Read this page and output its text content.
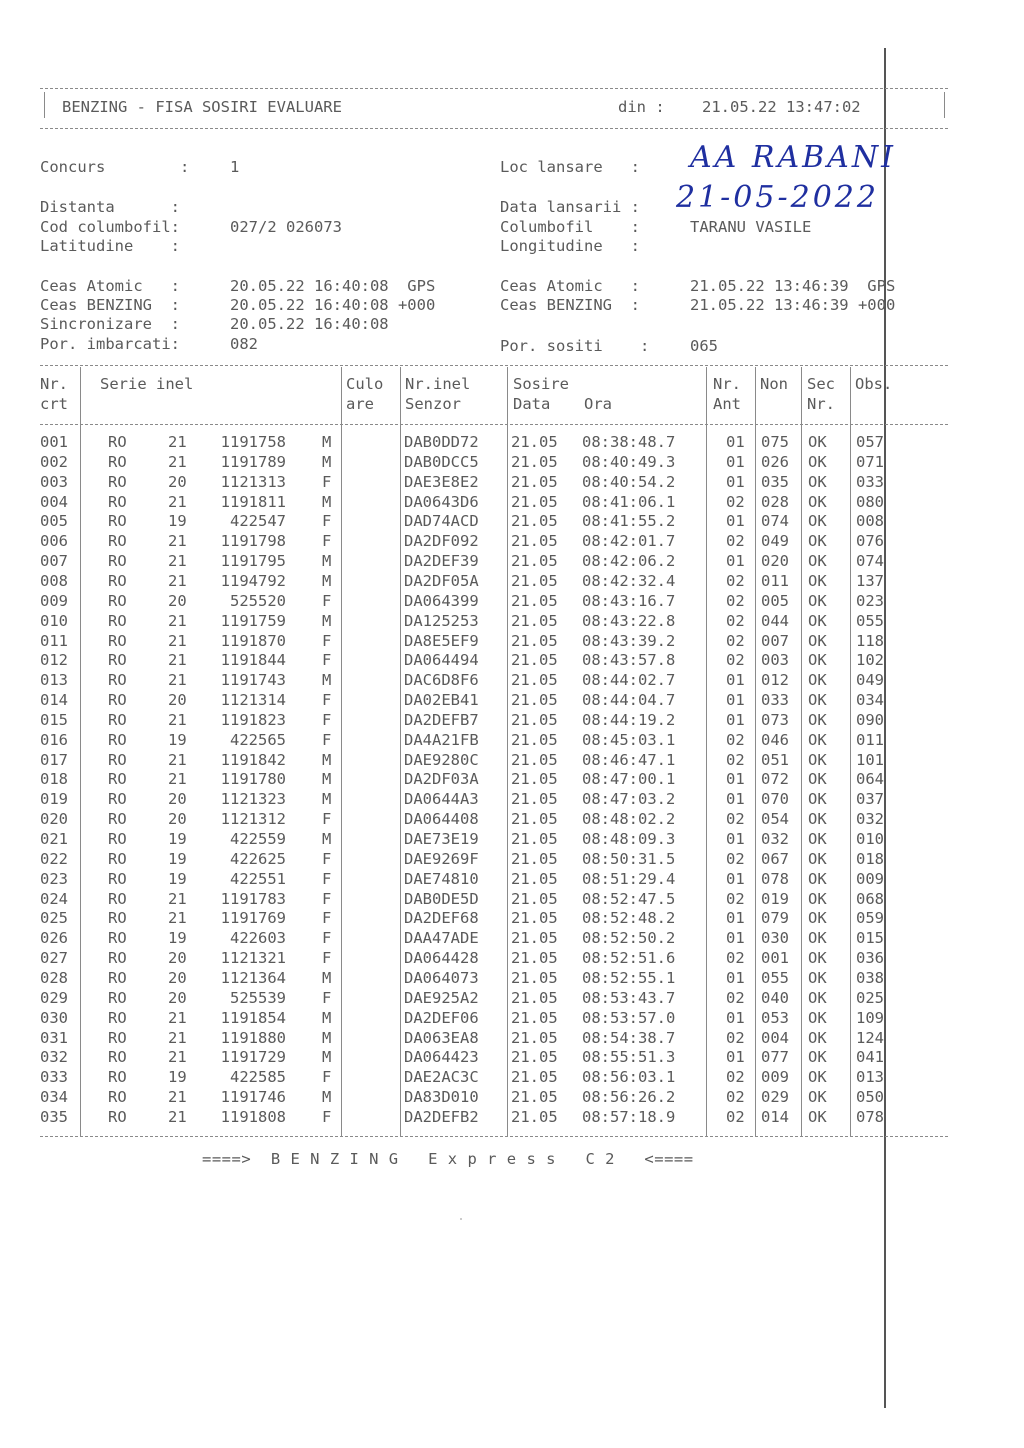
BENZING - FISA SOSIRI EVALUARE	din : 21.05.22 13:47:02
Concurs        :	1	Loc lansare   : AA RABANI
Distanta      :	Data lansarii : 21-05-2022
Cod columbofil:	027/2 026073	Columbofil    :	TARANU VASILE
Latitudine    :	Longitudine   :
Ceas Atomic   :	20.05.22 16:40:08  GPS	Ceas Atomic   :	21.05.22 13:46:39  GPS
Ceas BENZING  :	20.05.22 16:40:08 +000	Ceas BENZING  :	21.05.22 13:46:39 +000
Sincronizare  :	20.05.22 16:40:08
Por. imbarcati:	082	Por. sositi    :	065
Nr.
crt
Serie inel	Culo
are
Nr.inel
Senzor
Sosire
Data Ora
Nr.
Ant
Non Sec
Nr.
Obs.
001	RO	21	1191758 M	DAB0DD72 21.05 08:38:48.7	01 075 OK 057
002	RO	21	1191789 M	DAB0DCC5 21.05 08:40:49.3	01 026 OK 071
003	RO	20	1121313 F	DAE3E8E2 21.05 08:40:54.2	01 035 OK 033
004	RO	21	1191811 M	DA0643D6 21.05 08:41:06.1	02 028 OK 080
005	RO	19	422547 F	DAD74ACD 21.05 08:41:55.2	01 074 OK 008
006	RO	21	1191798 F	DA2DF092 21.05 08:42:01.7	02 049 OK 076
007	RO	21	1191795 M	DA2DEF39 21.05 08:42:06.2	01 020 OK 074
008	RO	21	1194792 M	DA2DF05A 21.05 08:42:32.4	02 011 OK 137
009	RO	20	525520 F	DA064399 21.05 08:43:16.7	02 005 OK 023
010	RO	21	1191759 M	DA125253 21.05 08:43:22.8	02 044 OK 055
011	RO	21	1191870 F	DA8E5EF9 21.05 08:43:39.2	02 007 OK 118
012	RO	21	1191844 F	DA064494 21.05 08:43:57.8	02 003 OK 102
013	RO	21	1191743 M	DAC6D8F6 21.05 08:44:02.7	01 012 OK 049
014	RO	20	1121314 F	DA02EB41 21.05 08:44:04.7	01 033 OK 034
015	RO	21	1191823 F	DA2DEFB7 21.05 08:44:19.2	01 073 OK 090
016	RO	19	422565 F	DA4A21FB 21.05 08:45:03.1	02 046 OK 011
017	RO	21	1191842 M	DAE9280C 21.05 08:46:47.1	02 051 OK 101
018	RO	21	1191780 M	DA2DF03A 21.05 08:47:00.1	01 072 OK 064
019	RO	20	1121323 M	DA0644A3 21.05 08:47:03.2	01 070 OK 037
020	RO	20	1121312 F	DA064408 21.05 08:48:02.2	02 054 OK 032
021	RO	19	422559 M	DAE73E19 21.05 08:48:09.3	01 032 OK 010
022	RO	19	422625 F	DAE9269F 21.05 08:50:31.5	02 067 OK 018
023	RO	19	422551 F	DAE74810 21.05 08:51:29.4	01 078 OK 009
024	RO	21	1191783 F	DAB0DE5D 21.05 08:52:47.5	02 019 OK 068
025	RO	21	1191769 F	DA2DEF68 21.05 08:52:48.2	01 079 OK 059
026	RO	19	422603 F	DAA47ADE 21.05 08:52:50.2	01 030 OK 015
027	RO	20	1121321 F	DA064428 21.05 08:52:51.6	02 001 OK 036
028	RO	20	1121364 M	DA064073 21.05 08:52:55.1	01 055 OK 038
029	RO	20	525539 F	DAE925A2 21.05 08:53:43.7	02 040 OK 025
030	RO	21	1191854 M	DA2DEF06 21.05 08:53:57.0	01 053 OK 109
031	RO	21	1191880 M	DA063EA8 21.05 08:54:38.7	02 004 OK 124
032	RO	21	1191729 M	DA064423 21.05 08:55:51.3	01 077 OK 041
033	RO	19	422585 F	DAE2AC3C 21.05 08:56:03.1	02 009 OK 013
034	RO	21	1191746 M	DA83D010 21.05 08:56:26.2	02 029 OK 050
035	RO	21	1191808 F	DA2DEFB2 21.05 08:57:18.9	02 014 OK 078
====>  B E N Z I N G   E x p r e s s   C 2   <====
